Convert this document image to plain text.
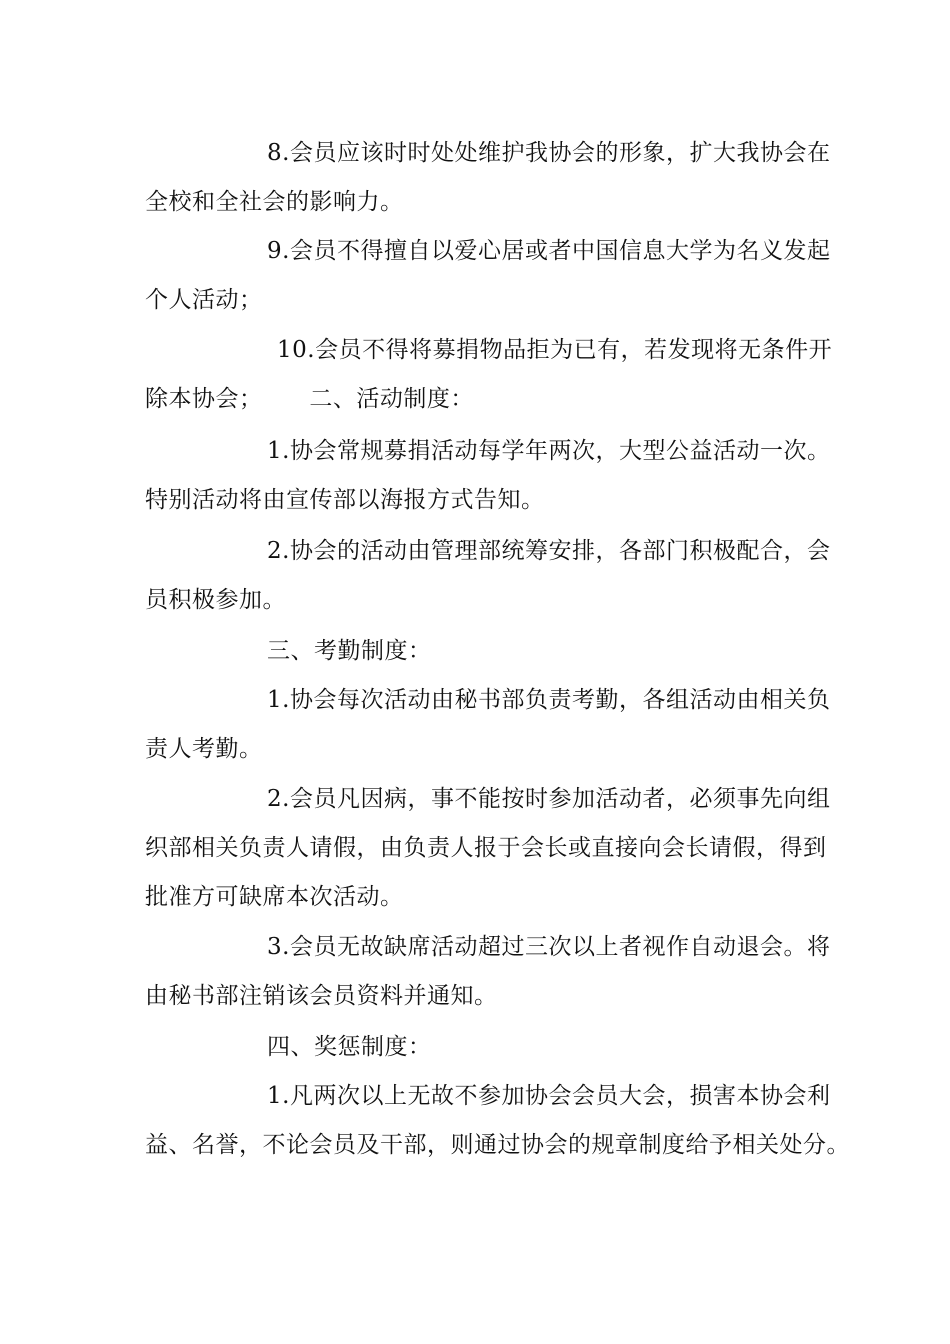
8.会员应该时时处处维护我协会的形象，扩大我协会在
全校和全社会的影响力。
9.会员不得擅自以爱心居或者中国信息大学为名义发起
个人活动；
10.会员不得将募捐物品拒为已有，若发现将无条件开
除本协会；      二、活动制度：
1.协会常规募捐活动每学年两次，大型公益活动一次。
特别活动将由宣传部以海报方式告知。
2.协会的活动由管理部统筹安排，各部门积极配合，会
员积极参加。
三、考勤制度：
1.协会每次活动由秘书部负责考勤，各组活动由相关负
责人考勤。
2.会员凡因病，事不能按时参加活动者，必须事先向组
织部相关负责人请假，由负责人报于会长或直接向会长请假，得到
批准方可缺席本次活动。
3.会员无故缺席活动超过三次以上者视作自动退会。将
由秘书部注销该会员资料并通知。
四、奖惩制度：
1.凡两次以上无故不参加协会会员大会，损害本协会利
益、名誉，不论会员及干部，则通过协会的规章制度给予相关处分。
